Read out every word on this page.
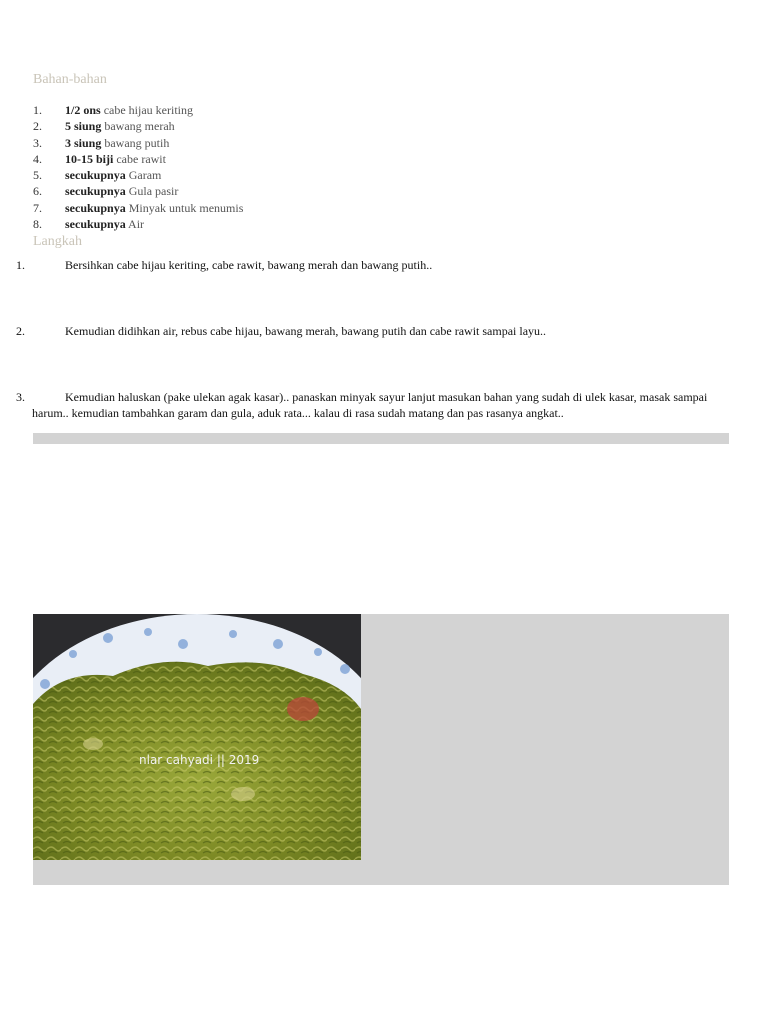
Bahan-bahan
1. 1/2 ons cabe hijau keriting
2. 5 siung bawang merah
3. 3 siung bawang putih
4. 10-15 biji cabe rawit
5. secukupnya Garam
6. secukupnya Gula pasir
7. secukupnya Minyak untuk menumis
8. secukupnya Air
Langkah
1.	Bersihkan cabe hijau keriting, cabe rawit, bawang merah dan bawang putih..
2.	Kemudian didihkan air, rebus cabe hijau, bawang merah, bawang putih dan cabe rawit sampai layu..
3.	Kemudian haluskan (pake ulekan agak kasar).. panaskan minyak sayur lanjut masukan bahan yang sudah di ulek kasar, masak sampai harum.. kemudian tambahkan garam dan gula, aduk rata... kalau di rasa sudah matang dan pas rasanya angkat..
nlar cahyadi || 2019
